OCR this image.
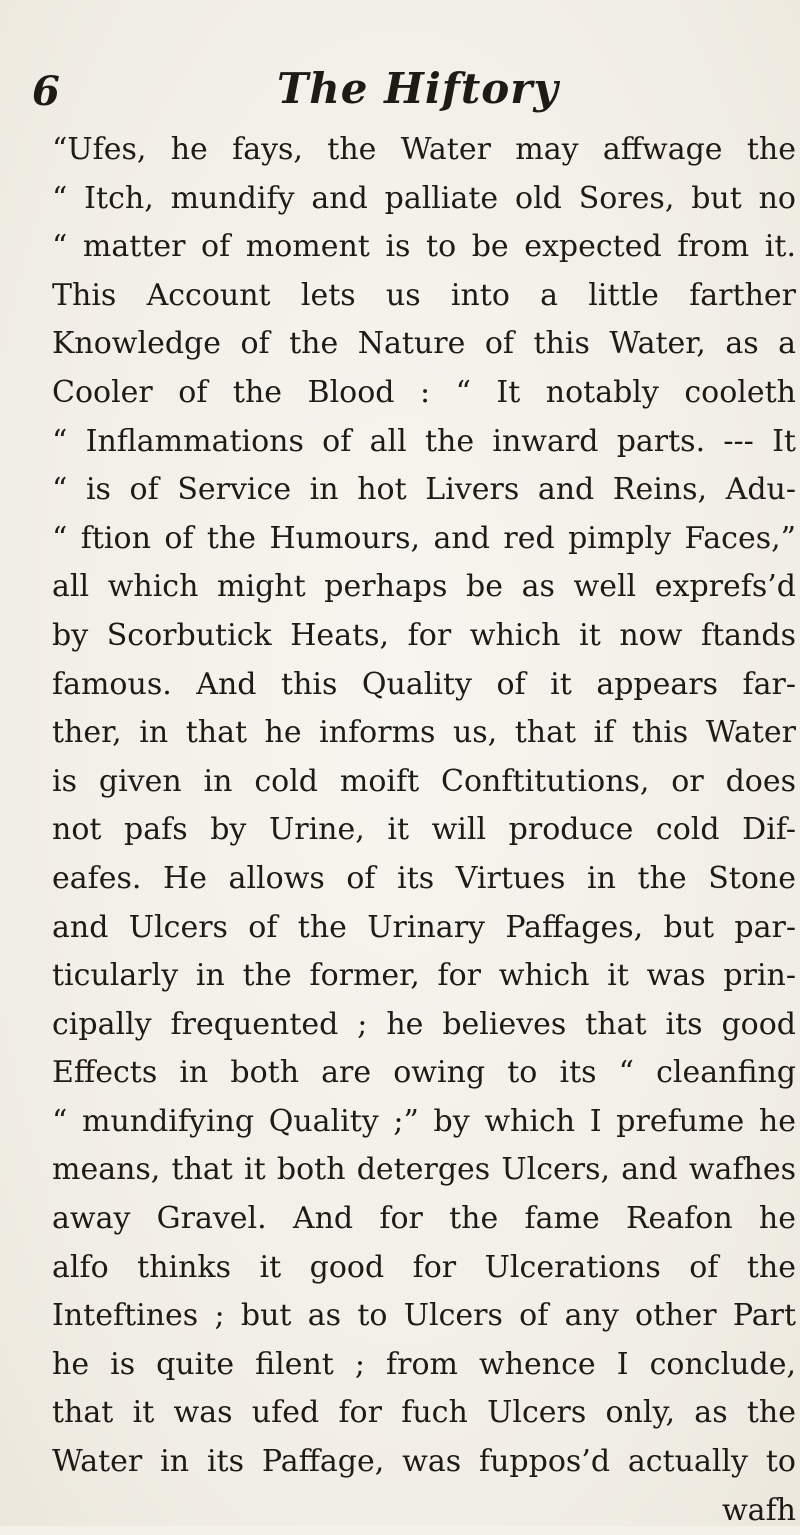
6	The Hiftory
“Ufes, he fays, the Water may affwage the
“ Itch, mundify and palliate old Sores, but no
“ matter of moment is to be expected from it.
This Account lets us into a little farther
Knowledge of the Nature of this Water, as a
Cooler of the Blood : “ It notably cooleth
“ Inflammations of all the inward parts. --- It
“ is of Service in hot Livers and Reins, Adu-
“ ftion of the Humours, and red pimply Faces,”
all which might perhaps be as well exprefs’d
by Scorbutick Heats, for which it now ftands
famous. And this Quality of it appears far-
ther, in that he informs us, that if this Water
is given in cold moift Conftitutions, or does
not pafs by Urine, it will produce cold Dif-
eafes. He allows of its Virtues in the Stone
and Ulcers of the Urinary Paffages, but par-
ticularly in the former, for which it was prin-
cipally frequented ; he believes that its good
Effects in both are owing to its “ cleanfing
“ mundifying Quality ;” by which I prefume he
means, that it both deterges Ulcers, and wafhes
away Gravel. And for the fame Reafon he
alfo thinks it good for Ulcerations of the
Inteftines ; but as to Ulcers of any other Part
he is quite filent ; from whence I conclude,
that it was ufed for fuch Ulcers only, as the
Water in its Paffage, was fuppos’d actually to
wafh
